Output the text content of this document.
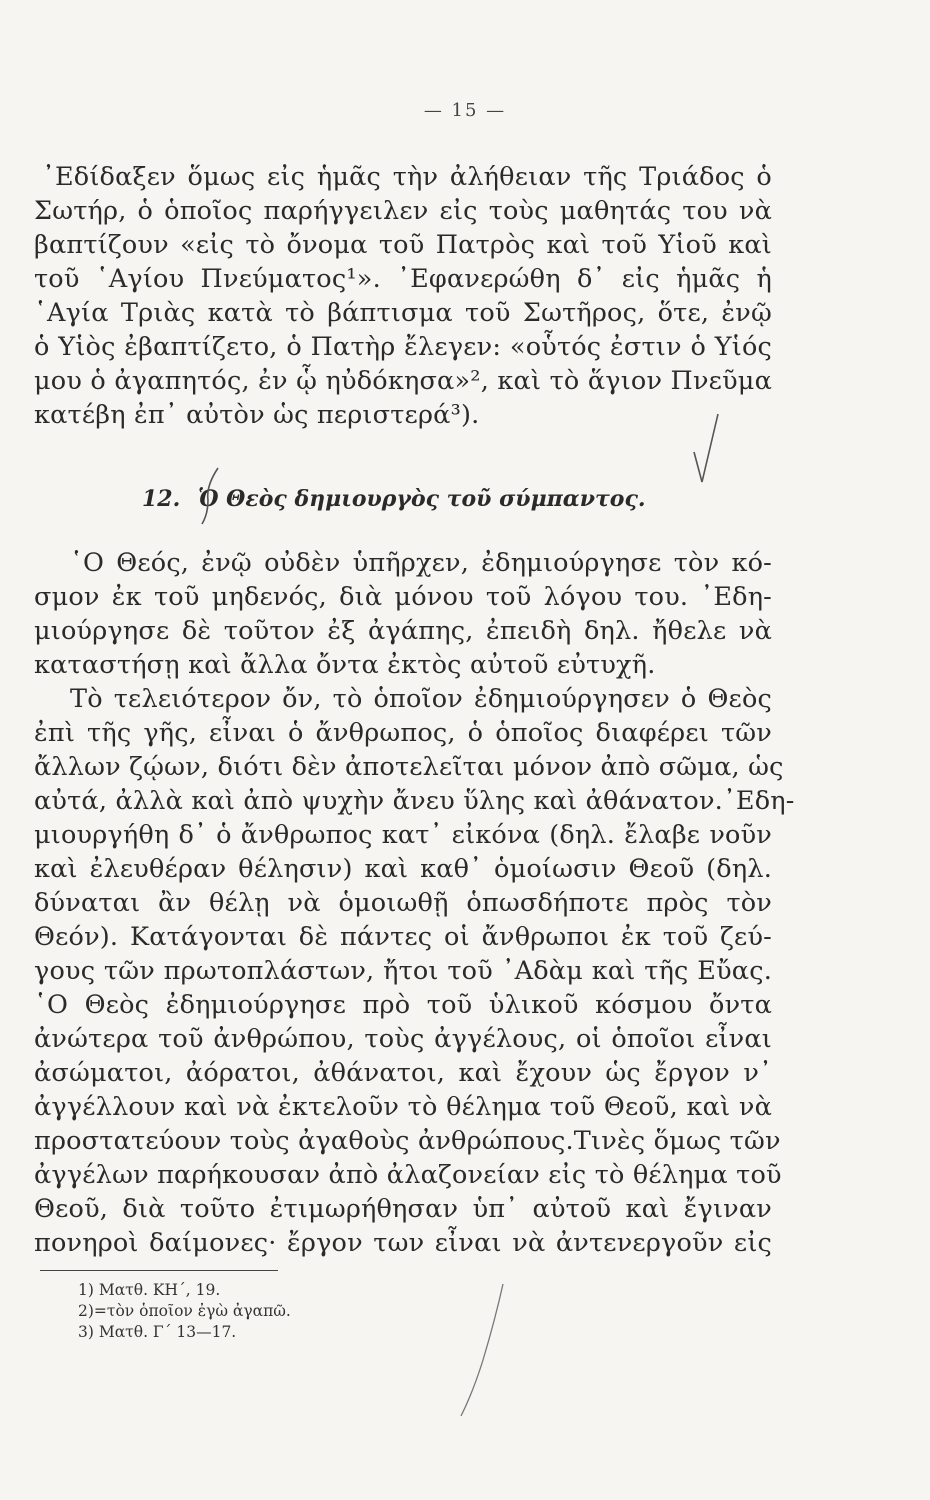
— 15 —
᾿Εδίδαξεν ὅμως εἰς ἡμᾶς τὴν ἀλήθειαν τῆς Τριάδος ὁ
Σωτήρ, ὁ ὁποῖος παρήγγειλεν εἰς τοὺς μαθητάς του νὰ
βαπτίζουν «εἰς τὸ ὄνομα τοῦ Πατρὸς καὶ τοῦ Υἱοῦ καὶ
τοῦ ῾Αγίου Πνεύματος¹». ᾿Εφανερώθη δ᾿ εἰς ἡμᾶς ἡ
῾Αγία Τριὰς κατὰ τὸ βάπτισμα τοῦ Σωτῆρος, ὅτε, ἐνῷ
ὁ Υἱὸς ἐβαπτίζετο, ὁ Πατὴρ ἔλεγεν: «οὗτός ἐστιν ὁ Υἱός
μου ὁ ἀγαπητός, ἐν ᾧ ηὐδόκησα»², καὶ τὸ ἅγιον Πνεῦμα
κατέβη ἐπ᾿ αὐτὸν ὡς περιστερά³).
12. Ὁ Θεὸς δημιουργὸς τοῦ σύμπαντος.
῾Ο Θεός, ἐνῷ οὐδὲν ὑπῆρχεν, ἐδημιούργησε τὸν κό-
σμον ἐκ τοῦ μηδενός, διὰ μόνου τοῦ λόγου του. ᾿Εδη-
μιούργησε δὲ τοῦτον ἐξ ἀγάπης, ἐπειδὴ δηλ. ἤθελε νὰ
καταστήσῃ καὶ ἄλλα ὄντα ἐκτὸς αὐτοῦ εὐτυχῆ.
Τὸ τελειότερον ὄν, τὸ ὁποῖον ἐδημιούργησεν ὁ Θεὸς
ἐπὶ τῆς γῆς, εἶναι ὁ ἄνθρωπος, ὁ ὁποῖος διαφέρει τῶν
ἄλλων ζῴων, διότι δὲν ἀποτελεῖται μόνον ἀπὸ σῶμα, ὡς
αὐτά, ἀλλὰ καὶ ἀπὸ ψυχὴν ἄνευ ὕλης καὶ ἀθάνατον.᾿Εδη-
μιουργήθη δ᾿ ὁ ἄνθρωπος κατ᾿ εἰκόνα (δηλ. ἔλαβε νοῦν
καὶ ἐλευθέραν θέλησιν) καὶ καθ᾿ ὁμοίωσιν Θεοῦ (δηλ.
δύναται ἂν θέλῃ νὰ ὁμοιωθῇ ὁπωσδήποτε πρὸς τὸν
Θεόν). Κατάγονται δὲ πάντες οἱ ἄνθρωποι ἐκ τοῦ ζεύ-
γους τῶν πρωτοπλάστων, ἤτοι τοῦ ᾿Αδὰμ καὶ τῆς Εὔας.
῾Ο Θεὸς ἐδημιούργησε πρὸ τοῦ ὑλικοῦ κόσμου ὄντα
ἀνώτερα τοῦ ἀνθρώπου, τοὺς ἀγγέλους, οἱ ὁποῖοι εἶναι
ἀσώματοι, ἀόρατοι, ἀθάνατοι, καὶ ἔχουν ὡς ἔργον ν᾿
ἀγγέλλουν καὶ νὰ ἐκτελοῦν τὸ θέλημα τοῦ Θεοῦ, καὶ νὰ
προστατεύουν τοὺς ἀγαθοὺς ἀνθρώπους.Τινὲς ὅμως τῶν
ἀγγέλων παρήκουσαν ἀπὸ ἀλαζονείαν εἰς τὸ θέλημα τοῦ
Θεοῦ, διὰ τοῦτο ἐτιμωρήθησαν ὑπ᾿ αὐτοῦ καὶ ἔγιναν
πονηροὶ δαίμονες· ἔργον των εἶναι νὰ ἀντενεργοῦν εἰς
1) Ματθ. ΚΗ΄, 19.
2)=τὸν ὁποῖον ἐγὼ ἀγαπῶ.
3) Ματθ. Γ΄ 13—17.
